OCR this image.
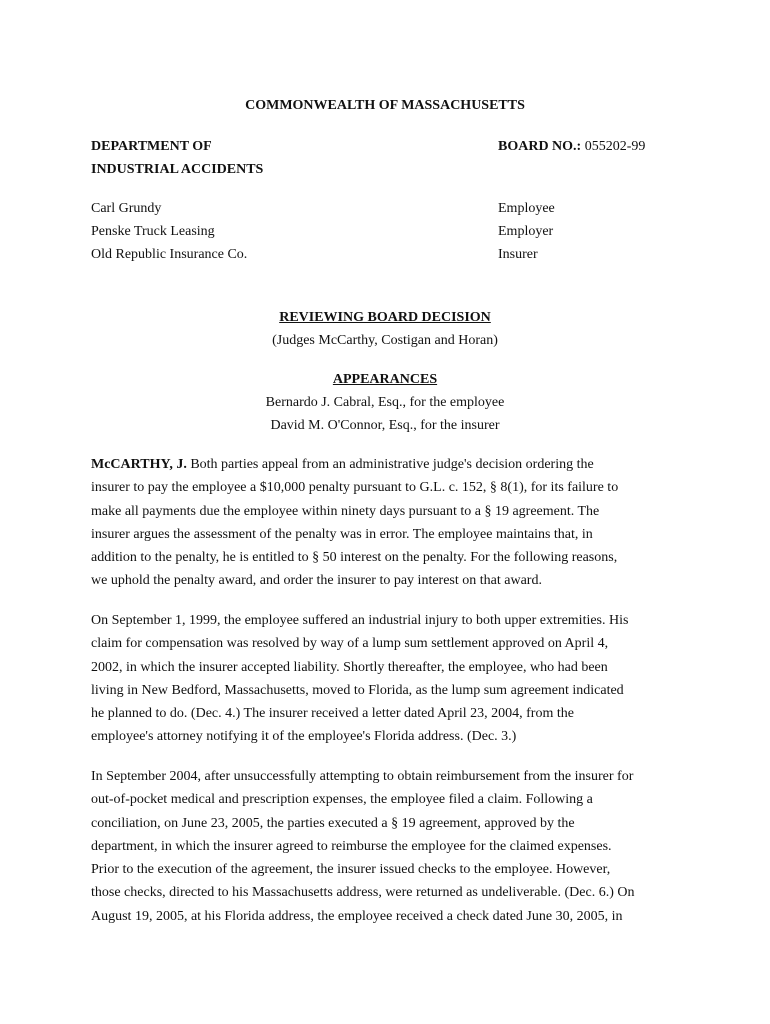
COMMONWEALTH OF MASSACHUSETTS
DEPARTMENT OF
INDUSTRIAL ACCIDENTS
BOARD NO.: 055202-99
Carl Grundy	Employee
Penske Truck Leasing	Employer
Old Republic Insurance Co.	Insurer
REVIEWING BOARD DECISION
(Judges McCarthy, Costigan and Horan)
APPEARANCES
Bernardo J. Cabral, Esq., for the employee
David M. O'Connor, Esq., for the insurer
McCARTHY, J. Both parties appeal from an administrative judge's decision ordering the
insurer to pay the employee a $10,000 penalty pursuant to G.L. c. 152, § 8(1), for its failure to
make all payments due the employee within ninety days pursuant to a § 19 agreement. The
insurer argues the assessment of the penalty was in error. The employee maintains that, in
addition to the penalty, he is entitled to § 50 interest on the penalty. For the following reasons,
we uphold the penalty award, and order the insurer to pay interest on that award.
On September 1, 1999, the employee suffered an industrial injury to both upper extremities. His
claim for compensation was resolved by way of a lump sum settlement approved on April 4,
2002, in which the insurer accepted liability. Shortly thereafter, the employee, who had been
living in New Bedford, Massachusetts, moved to Florida, as the lump sum agreement indicated
he planned to do. (Dec. 4.) The insurer received a letter dated April 23, 2004, from the
employee's attorney notifying it of the employee's Florida address. (Dec. 3.)
In September 2004, after unsuccessfully attempting to obtain reimbursement from the insurer for
out-of-pocket medical and prescription expenses, the employee filed a claim. Following a
conciliation, on June 23, 2005, the parties executed a § 19 agreement, approved by the
department, in which the insurer agreed to reimburse the employee for the claimed expenses.
Prior to the execution of the agreement, the insurer issued checks to the employee. However,
those checks, directed to his Massachusetts address, were returned as undeliverable. (Dec. 6.) On
August 19, 2005, at his Florida address, the employee received a check dated June 30, 2005, in
